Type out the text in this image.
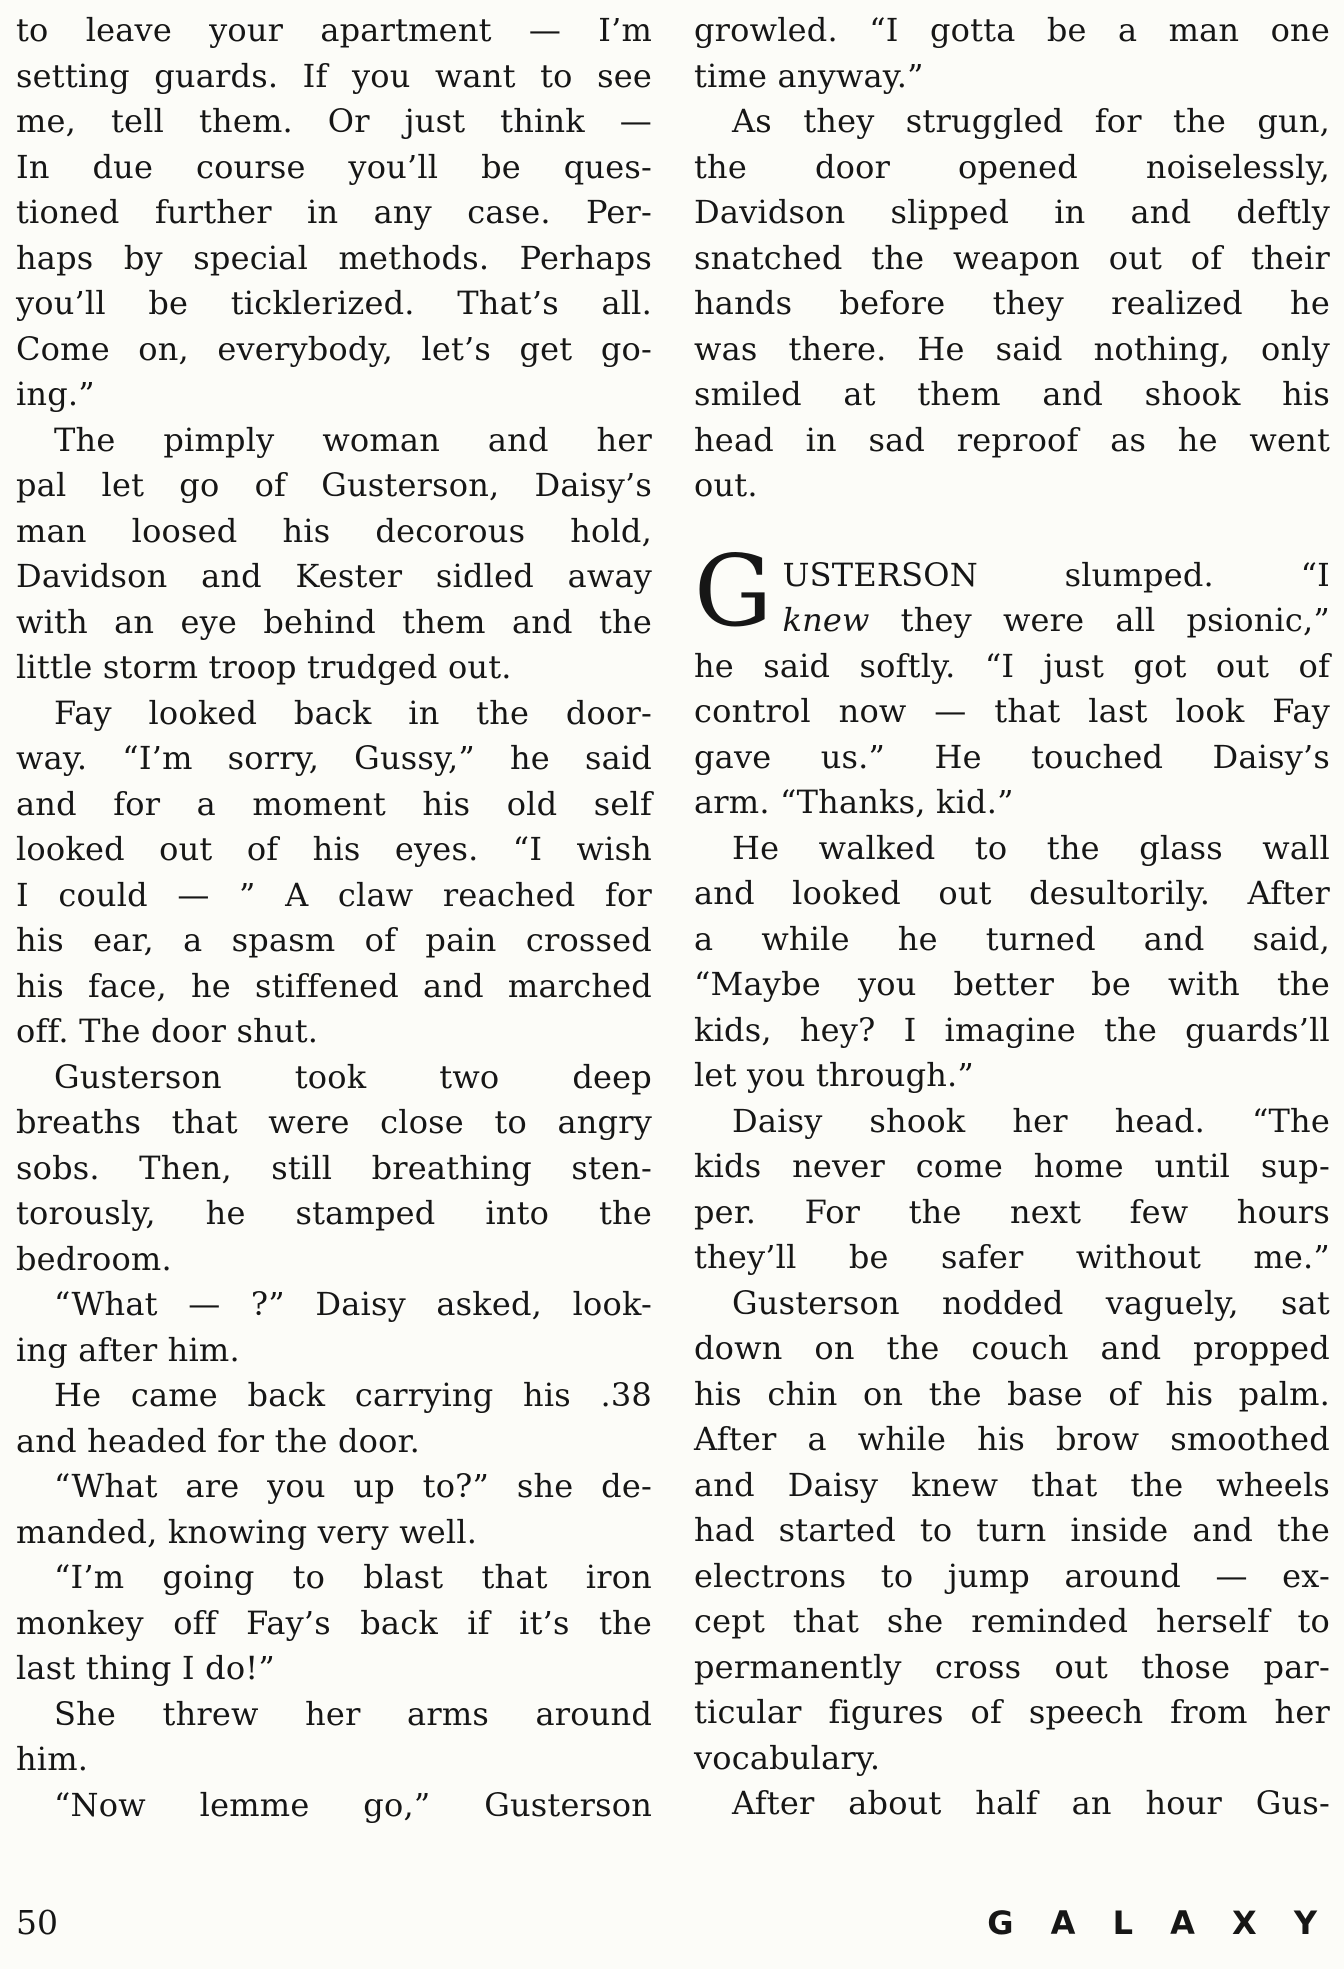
to leave your apartment — I’m
setting guards. If you want to see
me, tell them. Or just think —
In due course you’ll be ques-
tioned further in any case. Per-
haps by special methods. Perhaps
you’ll be ticklerized. That’s all.
Come on, everybody, let’s get go-
ing.”
The pimply woman and her
pal let go of Gusterson, Daisy’s
man loosed his decorous hold,
Davidson and Kester sidled away
with an eye behind them and the
little storm troop trudged out.
Fay looked back in the door-
way. “I’m sorry, Gussy,” he said
and for a moment his old self
looked out of his eyes. “I wish
I could — ” A claw reached for
his ear, a spasm of pain crossed
his face, he stiffened and marched
off. The door shut.
Gusterson took two deep
breaths that were close to angry
sobs. Then, still breathing sten-
torously, he stamped into the
bedroom.
“What — ?” Daisy asked, look-
ing after him.
He came back carrying his .38
and headed for the door.
“What are you up to?” she de-
manded, knowing very well.
“I’m going to blast that iron
monkey off Fay’s back if it’s the
last thing I do!”
She threw her arms around
him.
“Now lemme go,” Gusterson
growled. “I gotta be a man one
time anyway.”
As they struggled for the gun,
the door opened noiselessly,
Davidson slipped in and deftly
snatched the weapon out of their
hands before they realized he
was there. He said nothing, only
smiled at them and shook his
head in sad reproof as he went
out.
G USTERSON slumped. “I
knew they were all psionic,”
he said softly. “I just got out of
control now — that last look Fay
gave us.” He touched Daisy’s
arm. “Thanks, kid.”
He walked to the glass wall
and looked out desultorily. After
a while he turned and said,
“Maybe you better be with the
kids, hey? I imagine the guards’ll
let you through.”
Daisy shook her head. “The
kids never come home until sup-
per. For the next few hours
they’ll be safer without me.”
Gusterson nodded vaguely, sat
down on the couch and propped
his chin on the base of his palm.
After a while his brow smoothed
and Daisy knew that the wheels
had started to turn inside and the
electrons to jump around — ex-
cept that she reminded herself to
permanently cross out those par-
ticular figures of speech from her
vocabulary.
After about half an hour Gus-
50	G A L A X Y
